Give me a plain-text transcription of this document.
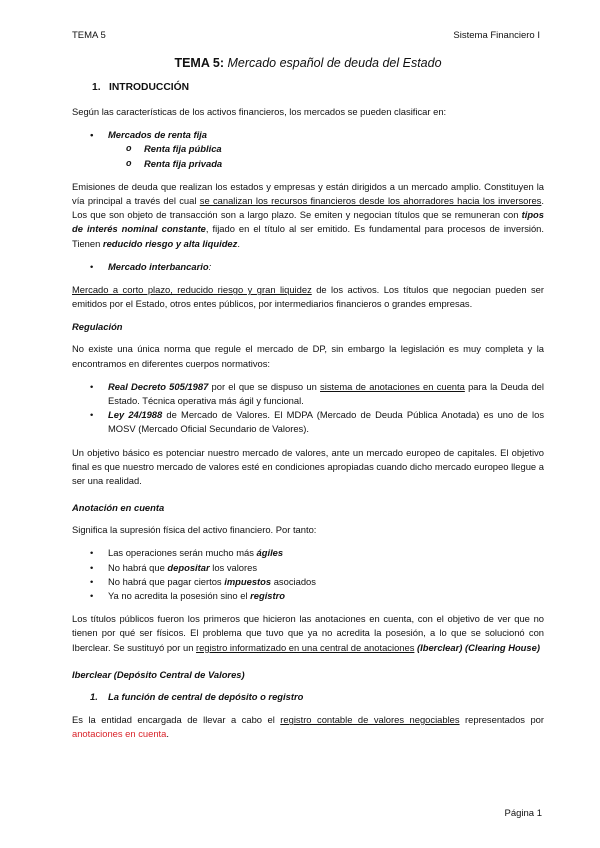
TEMA 5	Sistema Financiero I
TEMA 5: Mercado español de deuda del Estado
1. INTRODUCCIÓN

Según las características de los activos financieros, los mercados se pueden clasificar en:

• Mercados de renta fija
o Renta fija pública
o Renta fija privada

Emisiones de deuda que realizan los estados y empresas y están dirigidos a un mercado amplio. Constituyen la vía principal a través del cual se canalizan los recursos financieros desde los ahorradores hacia los inversores. Los que son objeto de transacción son a largo plazo. Se emiten y negocian títulos que se remuneran con tipos de interés nominal constante, fijado en el título al ser emitido. Es fundamental para procesos de inversión. Tienen reducido riesgo y alta liquidez.

• Mercado interbancario:

Mercado a corto plazo, reducido riesgo y gran liquidez de los activos. Los títulos que negocian pueden ser emitidos por el Estado, otros entes públicos, por intermediarios financieros o grandes empresas.

Regulación

No existe una única norma que regule el mercado de DP, sin embargo la legislación es muy completa y la encontramos en diferentes cuerpos normativos:

• Real Decreto 505/1987 por el que se dispuso un sistema de anotaciones en cuenta para la Deuda del Estado. Técnica operativa más ágil y funcional.
• Ley 24/1988 de Mercado de Valores. El MDPA (Mercado de Deuda Pública Anotada) es uno de los MOSV (Mercado Oficial Secundario de Valores).

Un objetivo básico es potenciar nuestro mercado de valores, ante un mercado europeo de capitales. El objetivo final es que nuestro mercado de valores esté en condiciones apropiadas cuando dicho mercado europeo llegue a ser una realidad.

Anotación en cuenta

Significa la supresión física del activo financiero. Por tanto:

• Las operaciones serán mucho más ágiles
• No habrá que depositar los valores
• No habrá que pagar ciertos impuestos asociados
• Ya no acredita la posesión sino el registro

Los títulos públicos fueron los primeros que hicieron las anotaciones en cuenta, con el objetivo de ver que no tienen por qué ser físicos. El problema que tuvo que ya no acredita la posesión, a lo que se solucionó con Iberclear. Se sustituyó por un registro informatizado en una central de anotaciones (Iberclear) (Clearing House)

Iberclear (Depósito Central de Valores)
1. La función de central de depósito o registro

Es la entidad encargada de llevar a cabo el registro contable de valores negociables representados por anotaciones en cuenta.

Página 1
